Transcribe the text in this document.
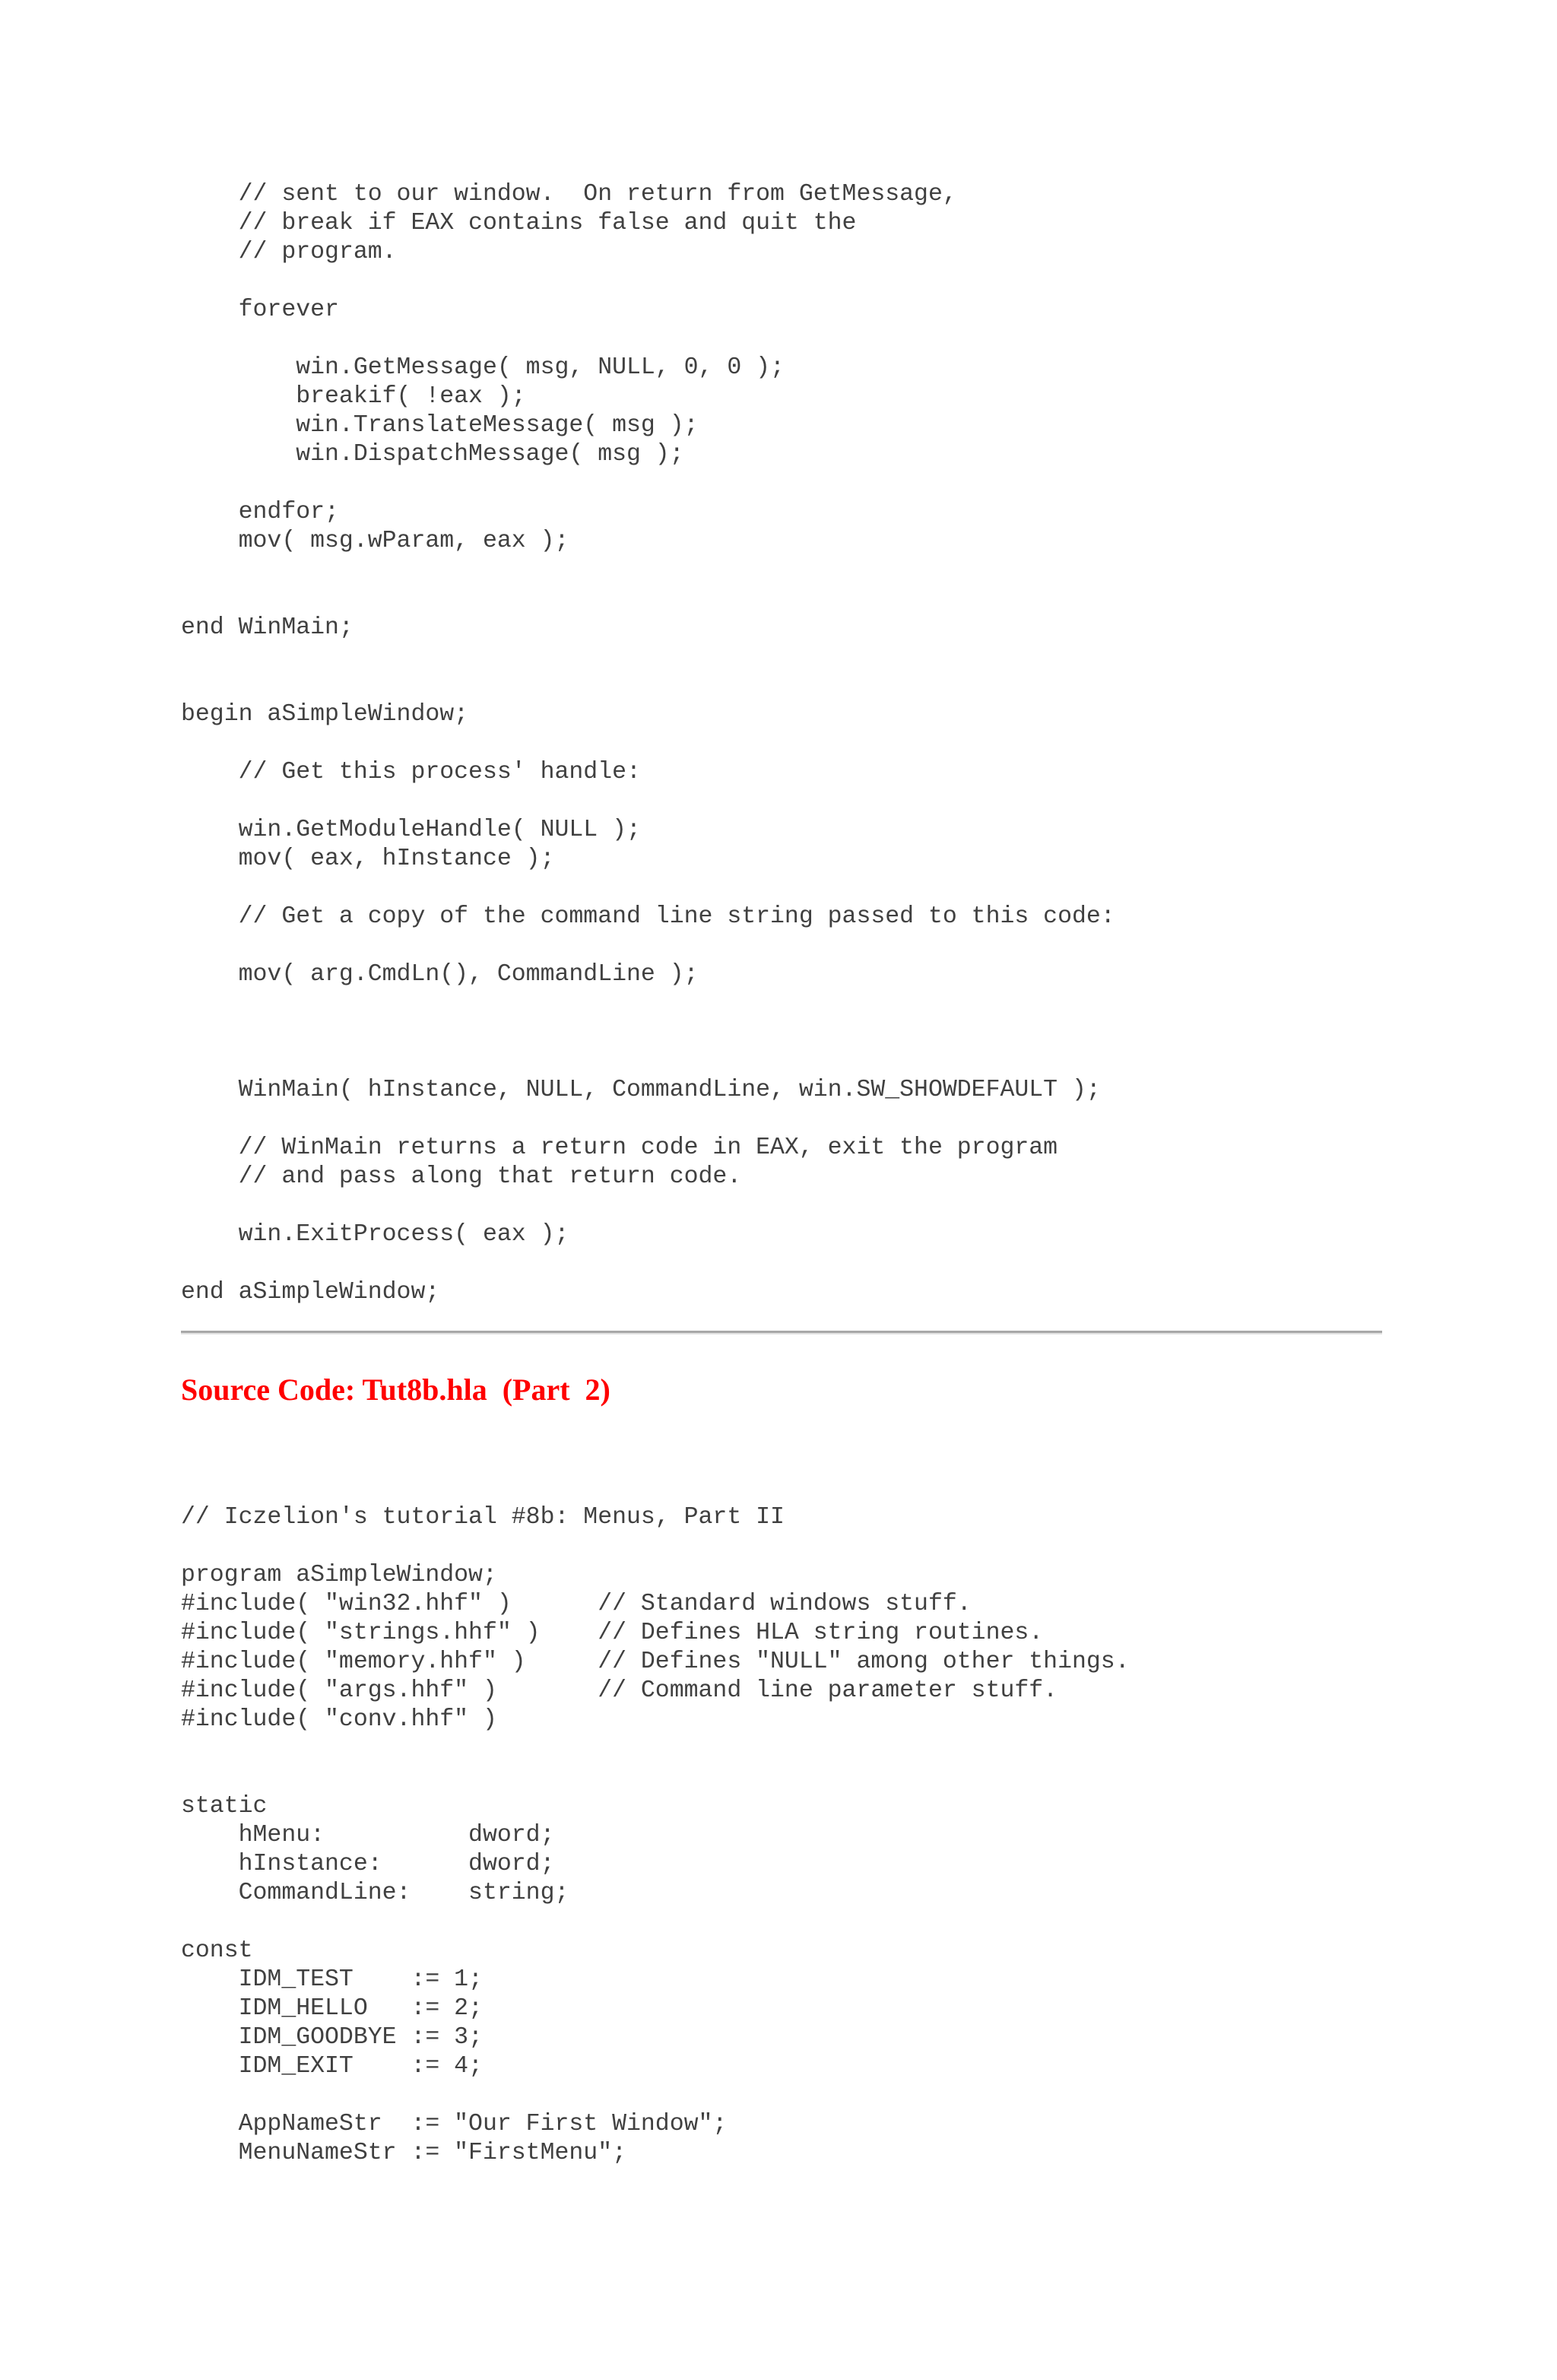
// sent to our window.  On return from GetMessage,
// break if EAX contains false and quit the
// program.

forever

win.GetMessage( msg, NULL, 0, 0 );
breakif( !eax );
win.TranslateMessage( msg );
win.DispatchMessage( msg );

endfor;
mov( msg.wParam, eax );

end WinMain;

begin aSimpleWindow;

// Get this process' handle:

win.GetModuleHandle( NULL );
mov( eax, hInstance );

// Get a copy of the command line string passed to this code:

mov( arg.CmdLn(), CommandLine );

WinMain( hInstance, NULL, CommandLine, win.SW_SHOWDEFAULT );

// WinMain returns a return code in EAX, exit the program
// and pass along that return code.

win.ExitProcess( eax );

end aSimpleWindow;
Source Code: Tut8b.hla  (Part  2)
// Iczelion's tutorial #8b: Menus, Part II

program aSimpleWindow;
#include( "win32.hhf" )      // Standard windows stuff.
#include( "strings.hhf" )    // Defines HLA string routines.
#include( "memory.hhf" )     // Defines "NULL" among other things.
#include( "args.hhf" )       // Command line parameter stuff.
#include( "conv.hhf" )

static
hMenu:          dword;
hInstance:      dword;
CommandLine:    string;

const
IDM_TEST    := 1;
IDM_HELLO   := 2;
IDM_GOODBYE := 3;
IDM_EXIT    := 4;

AppNameStr  := "Our First Window";
MenuNameStr := "FirstMenu";
